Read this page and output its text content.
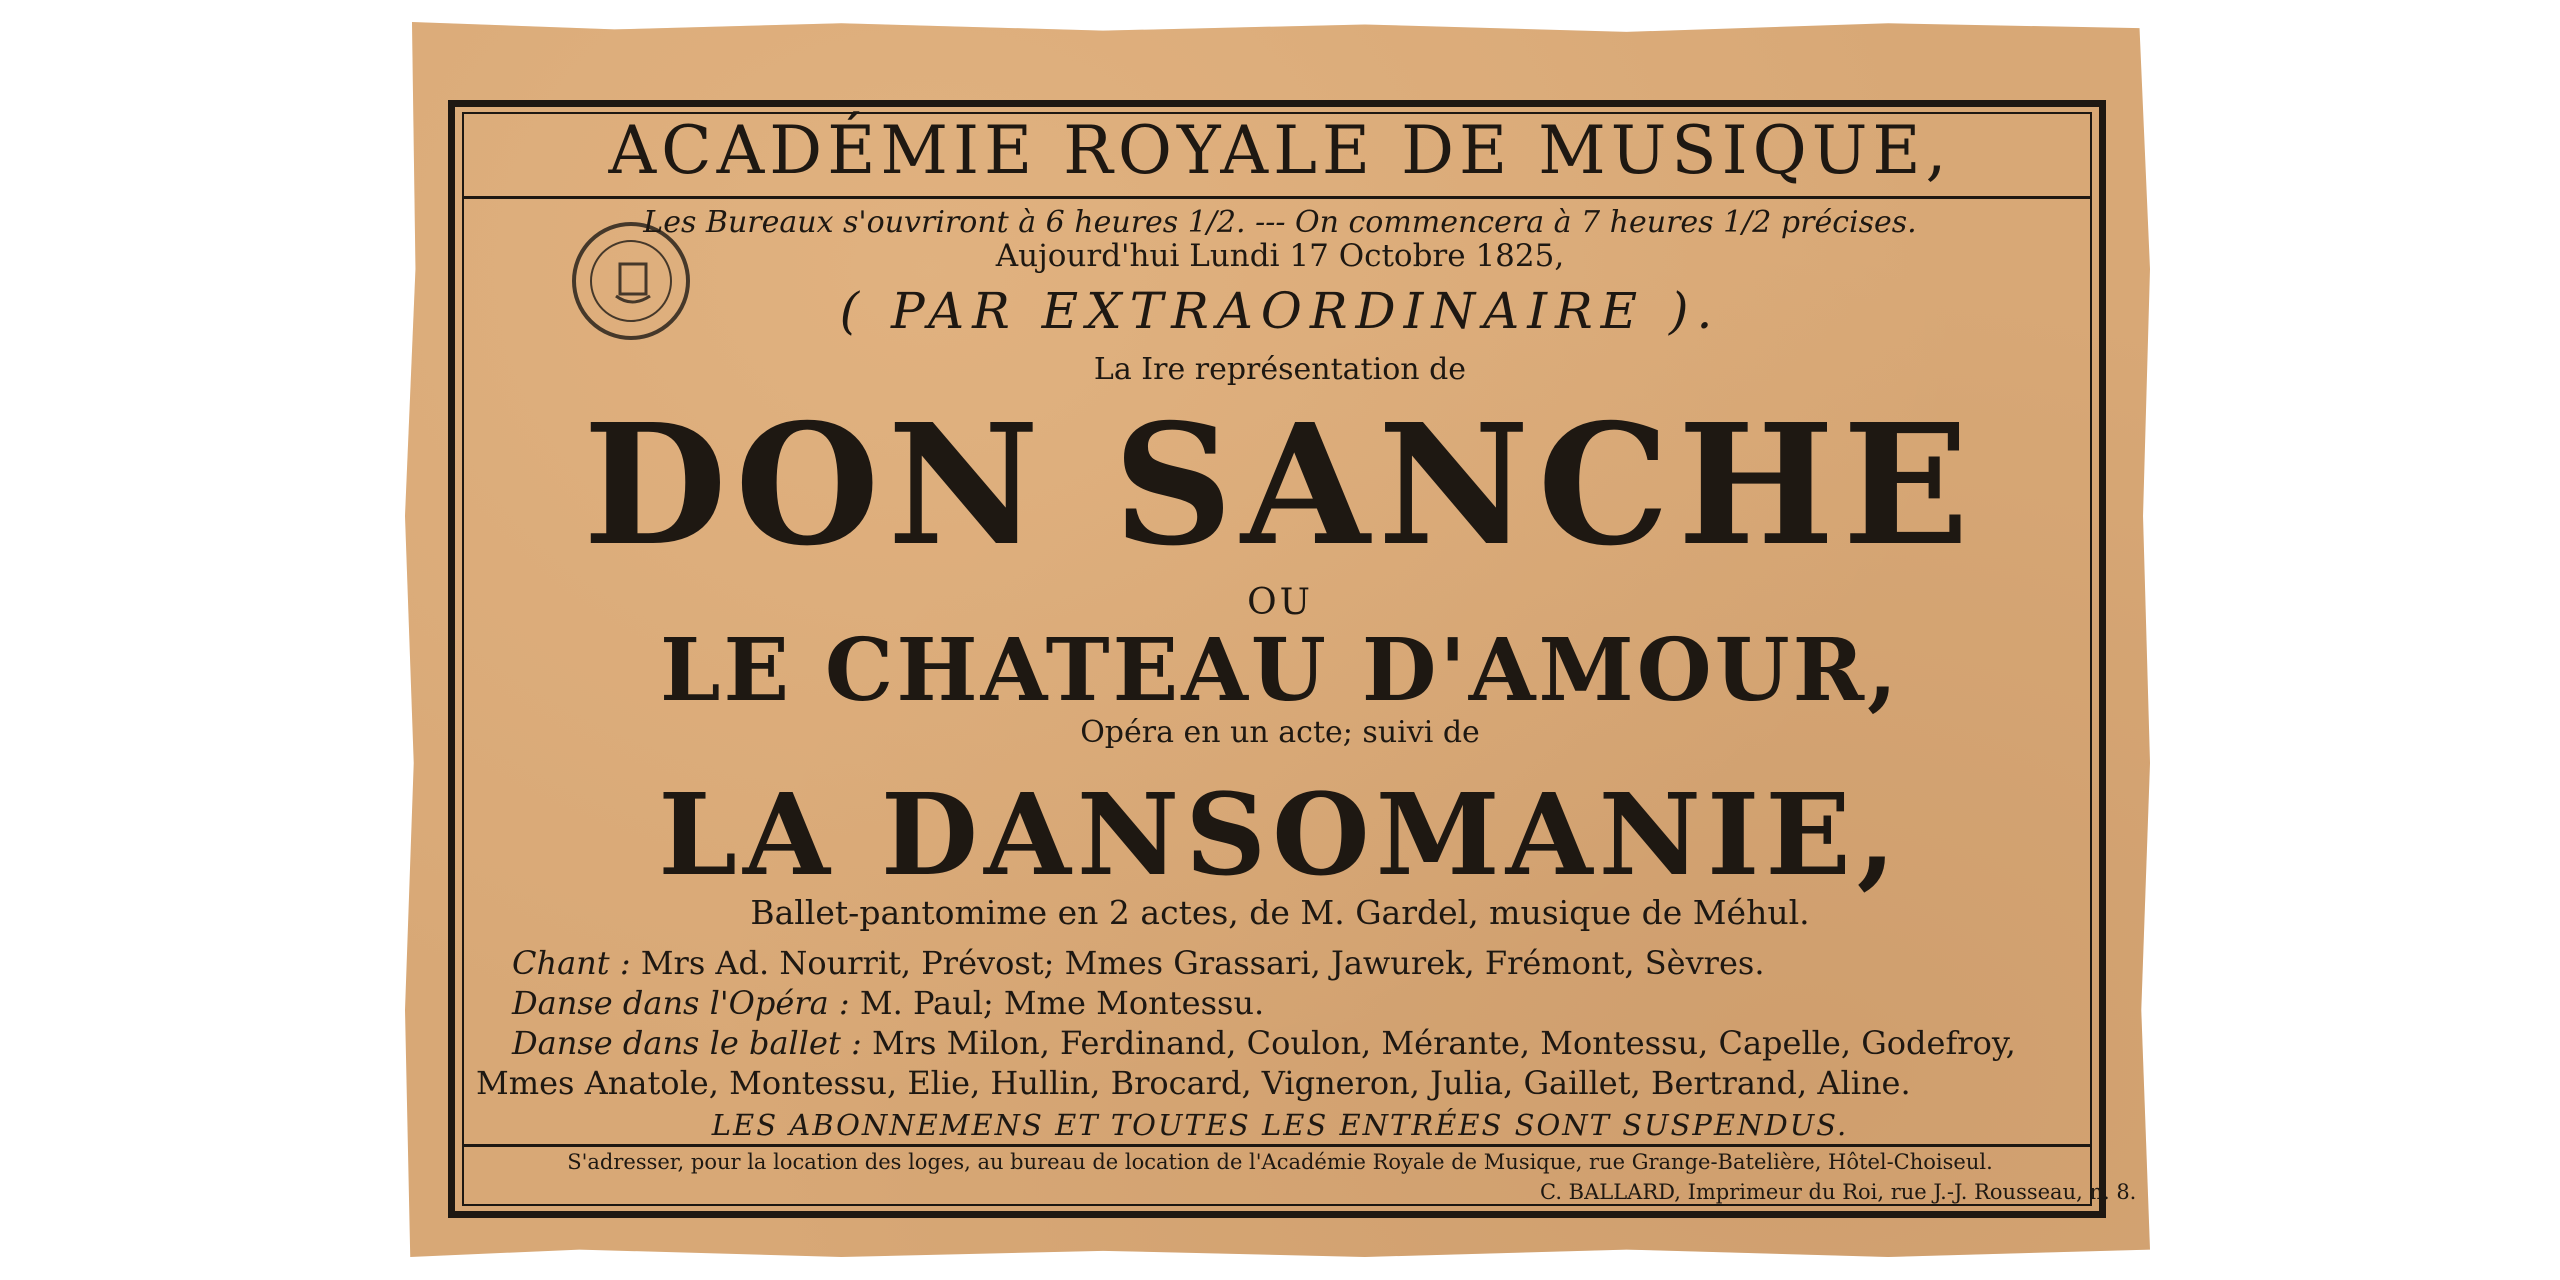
ACADÉMIE ROYALE DE MUSIQUE,
Les Bureaux s'ouvriront à 6 heures 1/2. --- On commencera à 7 heures 1/2 précises.
Aujourd'hui Lundi 17 Octobre 1825,
( PAR EXTRAORDINAIRE ).
La Ire représentation de
DON SANCHE
OU
LE CHATEAU D'AMOUR,
Opéra en un acte; suivi de
LA DANSOMANIE,
Ballet-pantomime en 2 actes, de M. Gardel, musique de Méhul.
Chant : Mrs Ad. Nourrit, Prévost; Mmes Grassari, Jawurek, Frémont, Sèvres.
Danse dans l'Opéra : M. Paul; Mme Montessu.
Danse dans le ballet : Mrs Milon, Ferdinand, Coulon, Mérante, Montessu, Capelle, Godefroy,
Mmes Anatole, Montessu, Elie, Hullin, Brocard, Vigneron, Julia, Gaillet, Bertrand, Aline.
LES ABONNEMENS ET TOUTES LES ENTRÉES SONT SUSPENDUS.
S'adresser, pour la location des loges, au bureau de location de l'Académie Royale de Musique, rue Grange-Batelière, Hôtel-Choiseul.
C. BALLARD, Imprimeur du Roi, rue J.-J. Rousseau, n. 8.
